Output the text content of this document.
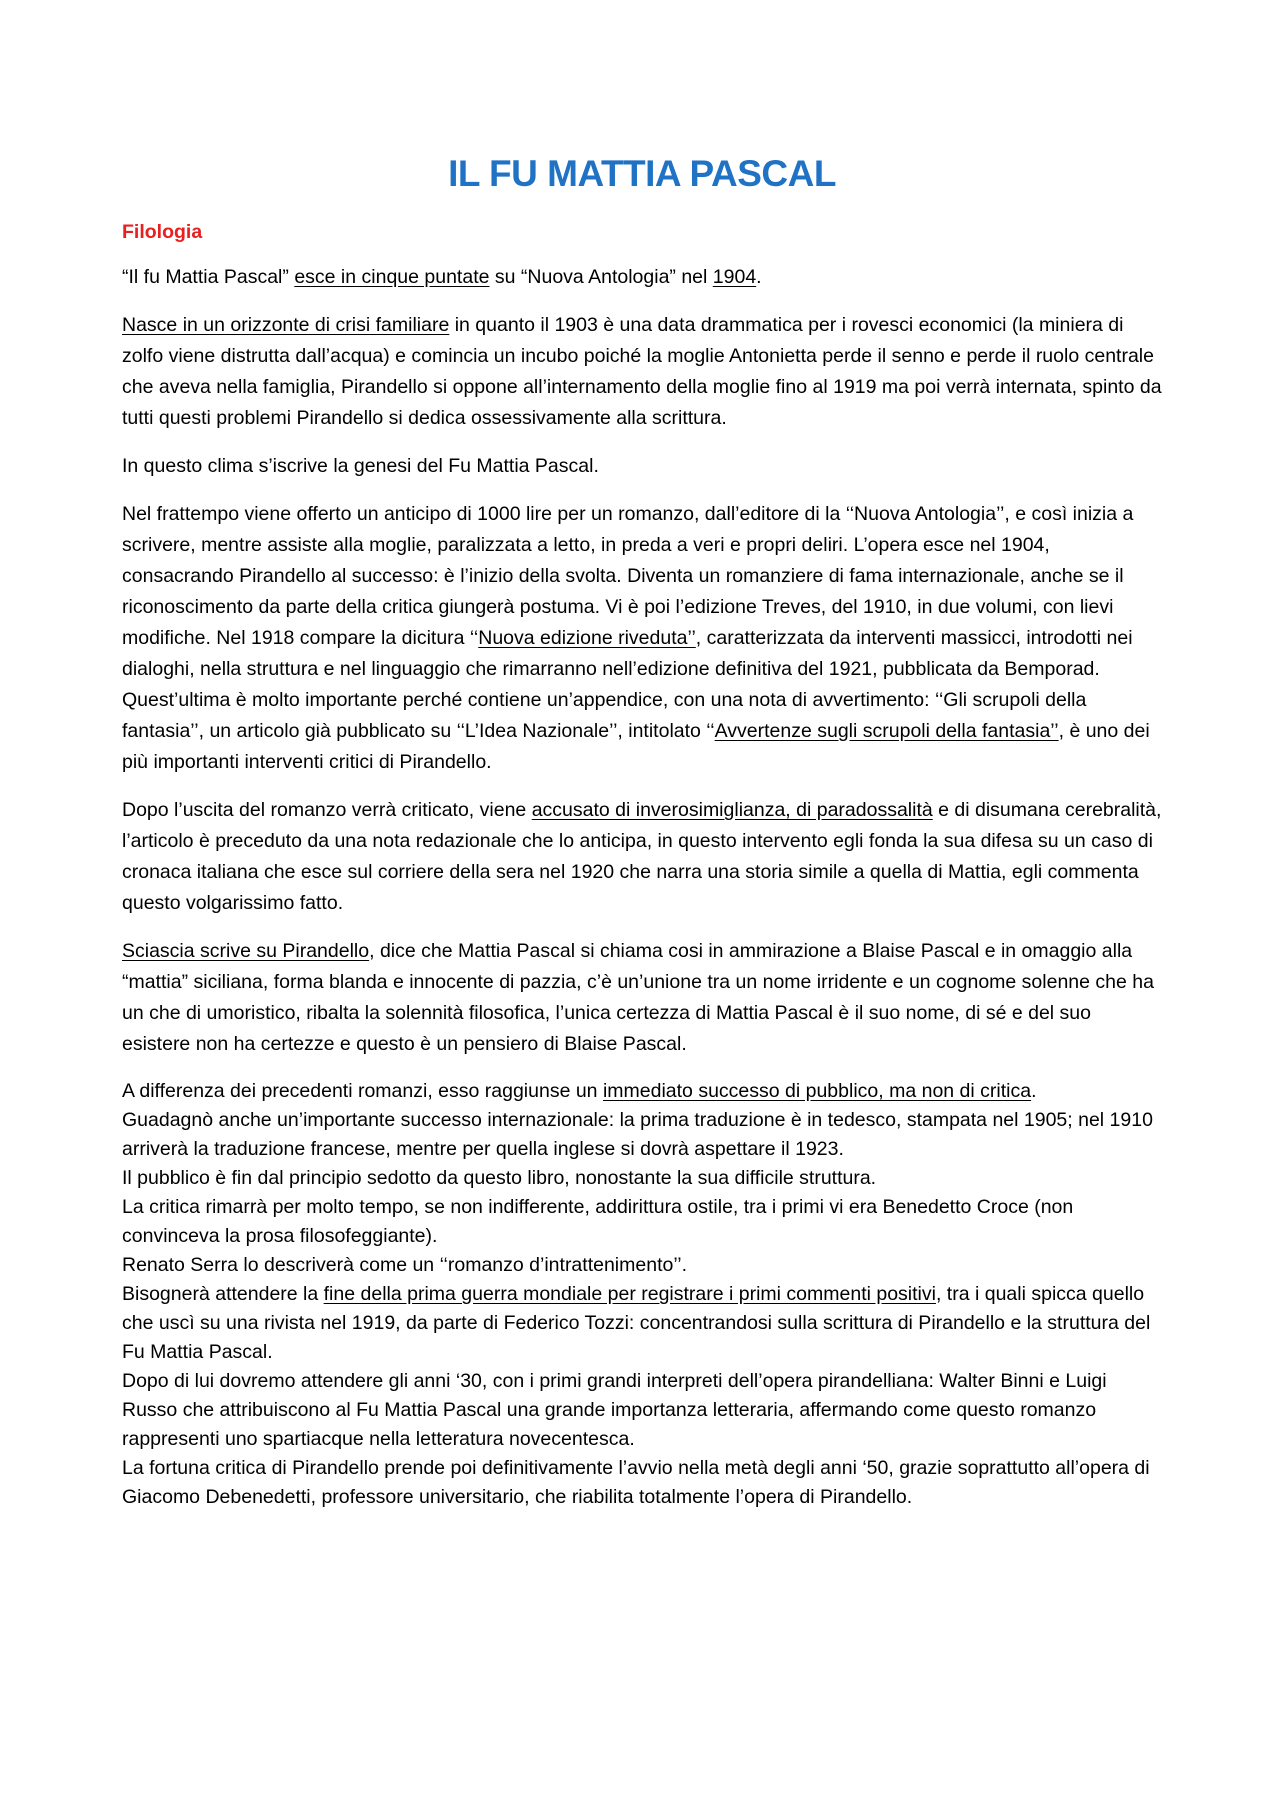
IL FU MATTIA PASCAL
Filologia

“Il fu Mattia Pascal” esce in cinque puntate su “Nuova Antologia” nel 1904.

Nasce in un orizzonte di crisi familiare in quanto il 1903 è una data drammatica per i rovesci economici (la miniera di zolfo viene distrutta dall’acqua) e comincia un incubo poiché la moglie Antonietta perde il senno e perde il ruolo centrale che aveva nella famiglia, Pirandello si oppone all’internamento della moglie fino al 1919 ma poi verrà internata, spinto da tutti questi problemi Pirandello si dedica ossessivamente alla scrittura.

In questo clima s’iscrive la genesi del Fu Mattia Pascal.

Nel frattempo viene offerto un anticipo di 1000 lire per un romanzo, dall’editore di la ‘‘Nuova Antologia’’, e così inizia a scrivere, mentre assiste alla moglie, paralizzata a letto, in preda a veri e propri deliri. L’opera esce nel 1904, consacrando Pirandello al successo: è l’inizio della svolta. Diventa un romanziere di fama internazionale, anche se il riconoscimento da parte della critica giungerà postuma. Vi è poi l’edizione Treves, del 1910, in due volumi, con lievi modifiche. Nel 1918 compare la dicitura ‘‘Nuova edizione riveduta’’, caratterizzata da interventi massicci, introdotti nei dialoghi, nella struttura e nel linguaggio che rimarranno nell’edizione definitiva del 1921, pubblicata da Bemporad. Quest’ultima è molto importante perché contiene un’appendice, con una nota di avvertimento: ‘‘Gli scrupoli della fantasia’’, un articolo già pubblicato su ‘‘L’Idea Nazionale’’, intitolato ‘‘Avvertenze sugli scrupoli della fantasia’’, è uno dei più importanti interventi critici di Pirandello.

Dopo l’uscita del romanzo verrà criticato, viene accusato di inverosimiglianza, di paradossalità e di disumana cerebralità, l’articolo è preceduto da una nota redazionale che lo anticipa, in questo intervento egli fonda la sua difesa su un caso di cronaca italiana che esce sul corriere della sera nel 1920 che narra una storia simile a quella di Mattia, egli commenta questo volgarissimo fatto.

Sciascia scrive su Pirandello, dice che Mattia Pascal si chiama cosi in ammirazione a Blaise Pascal e in omaggio alla “mattia” siciliana, forma blanda e innocente di pazzia, c’è un’unione tra un nome irridente e un cognome solenne che ha un che di umoristico, ribalta la solennità filosofica, l’unica certezza di Mattia Pascal è il suo nome, di sé e del suo esistere non ha certezze e questo è un pensiero di Blaise Pascal.

A differenza dei precedenti romanzi, esso raggiunse un immediato successo di pubblico, ma non di critica.

Guadagnò anche un’importante successo internazionale: la prima traduzione è in tedesco, stampata nel 1905; nel 1910 arriverà la traduzione francese, mentre per quella inglese si dovrà aspettare il 1923.

Il pubblico è fin dal principio sedotto da questo libro, nonostante la sua difficile struttura.

La critica rimarrà per molto tempo, se non indifferente, addirittura ostile, tra i primi vi era Benedetto Croce (non convinceva la prosa filosofeggiante).

Renato Serra lo descriverà come un ‘‘romanzo d’intrattenimento’’.

Bisognerà attendere la fine della prima guerra mondiale per registrare i primi commenti positivi, tra i quali spicca quello che uscì su una rivista nel 1919, da parte di Federico Tozzi: concentrandosi sulla scrittura di Pirandello e la struttura del Fu Mattia Pascal.

Dopo di lui dovremo attendere gli anni ‘30, con i primi grandi interpreti dell’opera pirandelliana: Walter Binni e Luigi Russo che attribuiscono al Fu Mattia Pascal una grande importanza letteraria, affermando come questo romanzo rappresenti uno spartiacque nella letteratura novecentesca.

La fortuna critica di Pirandello prende poi definitivamente l’avvio nella metà degli anni ‘50, grazie soprattutto all’opera di Giacomo Debenedetti, professore universitario, che riabilita totalmente l’opera di Pirandello.
